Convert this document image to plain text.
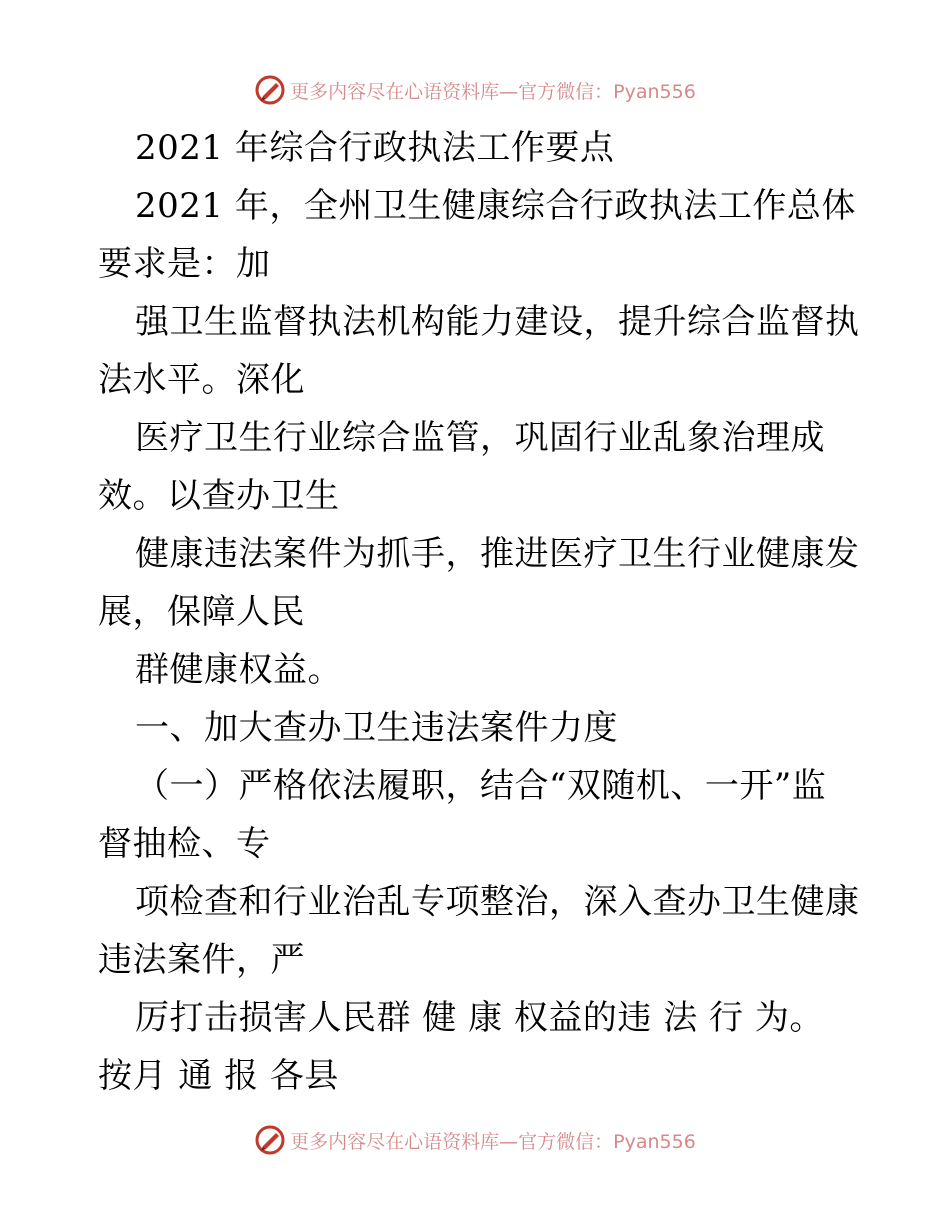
更多内容尽在心语资料库—官方微信：Pyan556
2021 年综合行政执法工作要点
2021 年，全州卫生健康综合行政执法工作总体
要求是：加
强卫生监督执法机构能力建设，提升综合监督执
法水平。深化
医疗卫生行业综合监管，巩固行业乱象治理成
效。以查办卫生
健康违法案件为抓手，推进医疗卫生行业健康发
展，保障人民
群健康权益。
一、加大查办卫生违法案件力度
（一）严格依法履职，结合“双随机、一开”监
督抽检、专
项检查和行业治乱专项整治，深入查办卫生健康
违法案件，严
厉打击损害人民群 健 康 权益的违 法 行 为。
按月 通 报 各县
更多内容尽在心语资料库—官方微信：Pyan556
